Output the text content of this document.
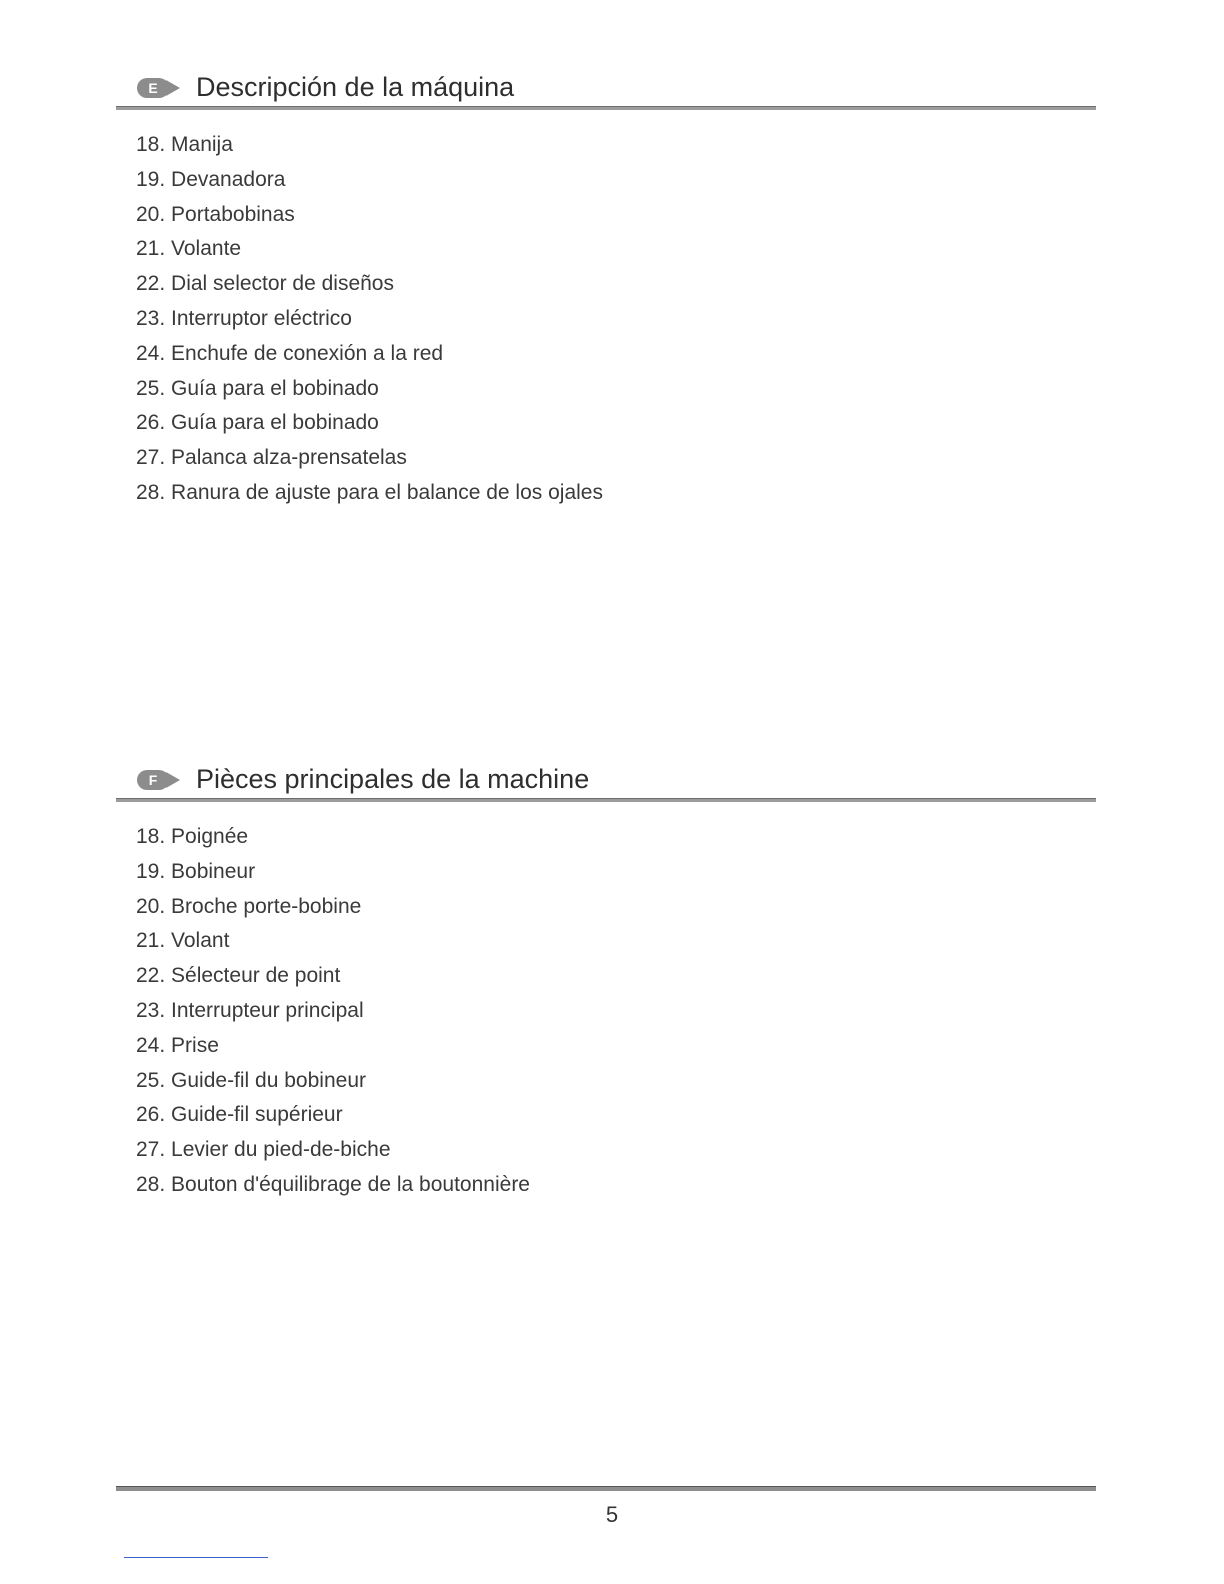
E Descripción de la máquina
18. Manija
19. Devanadora
20. Portabobinas
21. Volante
22. Dial selector de diseños
23. Interruptor eléctrico
24. Enchufe de conexión a la red
25. Guía para el bobinado
26. Guía para el bobinado
27. Palanca alza-prensatelas
28. Ranura de ajuste para el balance de los ojales
F Pièces principales de la machine
18. Poignée
19. Bobineur
20. Broche porte-bobine
21. Volant
22. Sélecteur de point
23. Interrupteur principal
24. Prise
25. Guide-fil du bobineur
26. Guide-fil supérieur
27. Levier du pied-de-biche
28. Bouton d'équilibrage de la boutonnière
5
